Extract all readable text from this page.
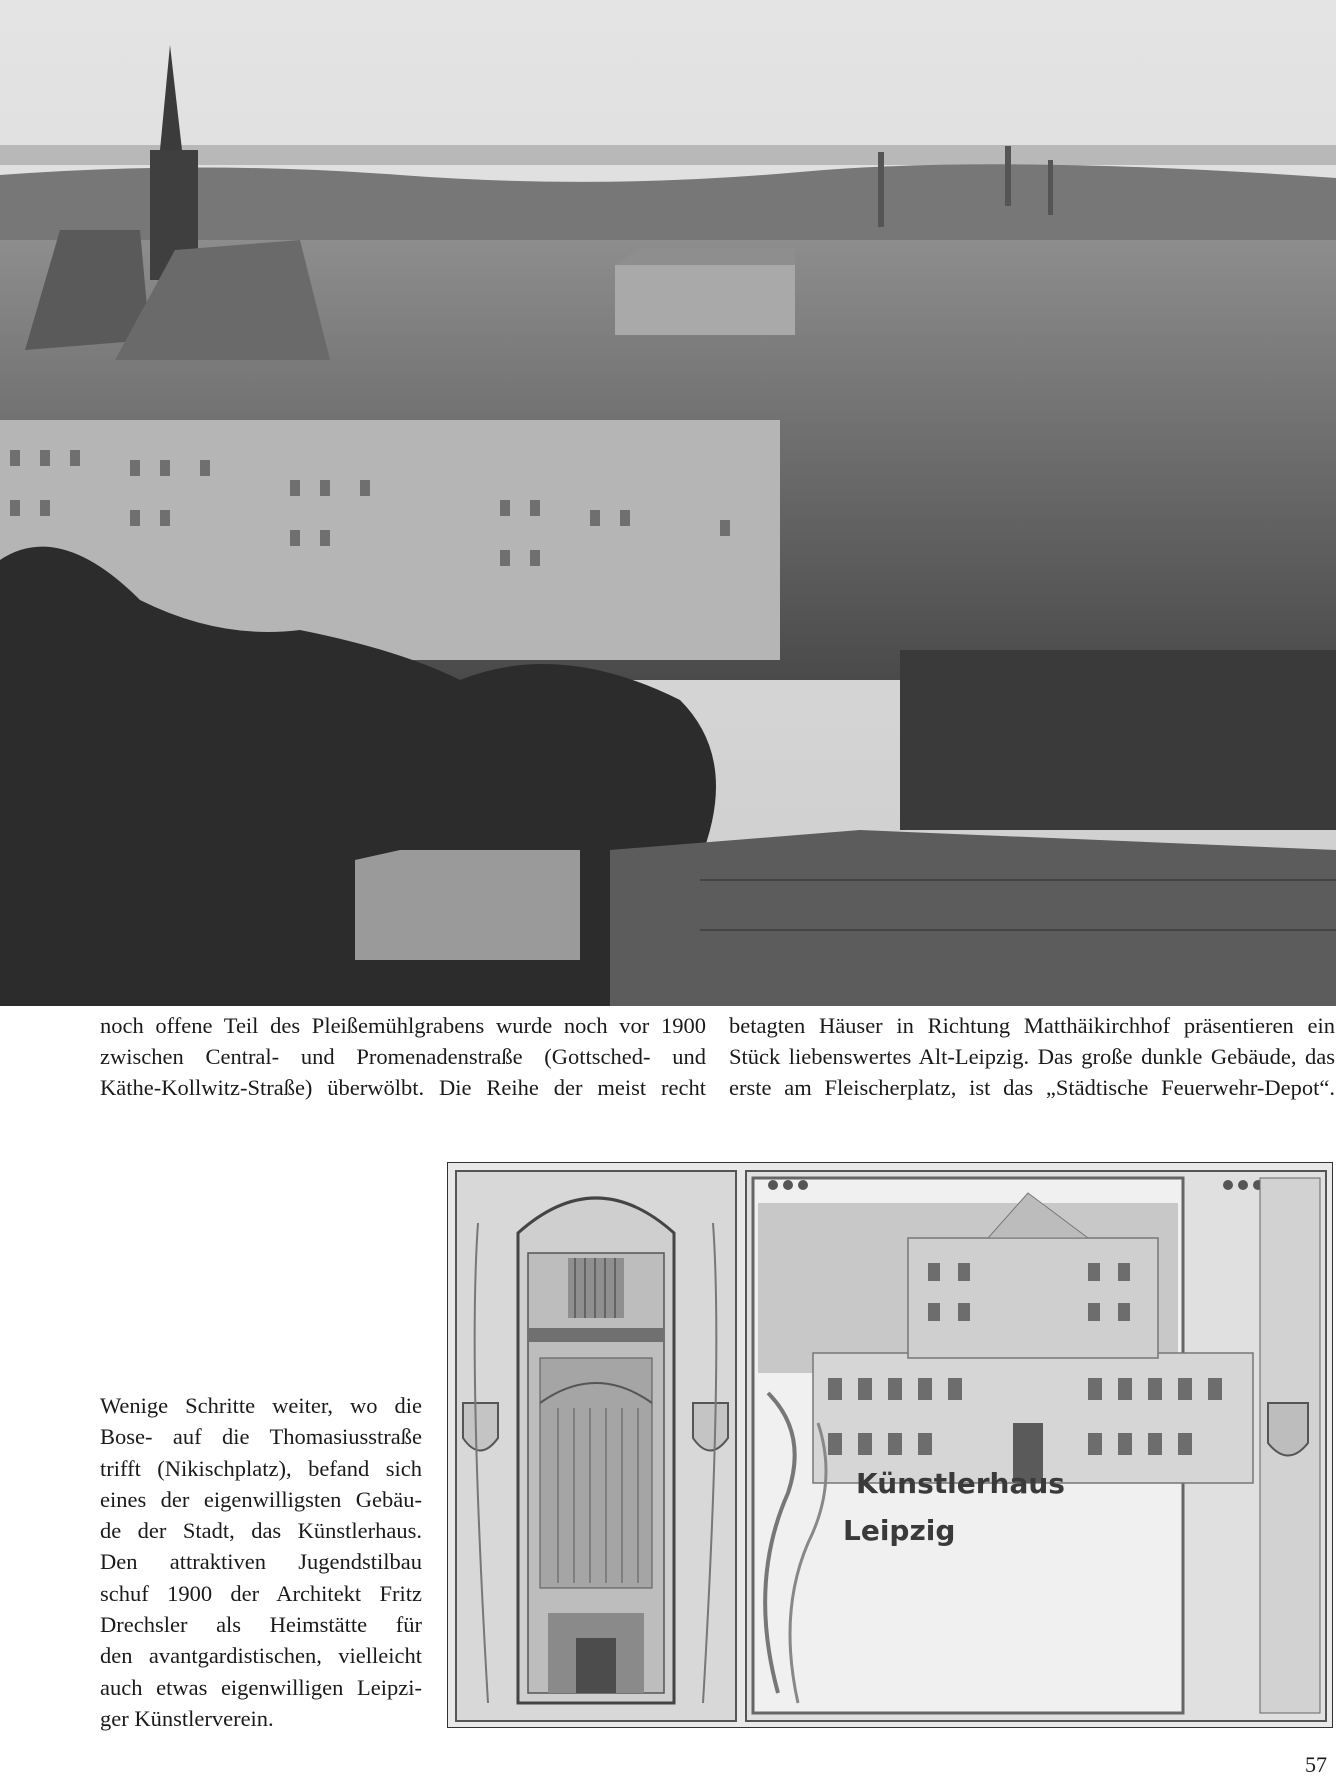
noch offene Teil des Pleißemühlgrabens wurde noch vor 1900
zwischen Central- und Promenadenstraße (Gottsched- und
Käthe-Kollwitz-Straße) überwölbt. Die Reihe der meist recht
betagten Häuser in Richtung Matthäikirchhof präsentieren ein
Stück liebenswertes Alt-Leipzig. Das große dunkle Gebäude, das
erste am Fleischerplatz, ist das „Städtische Feuerwehr-Depot“.
Wenige Schritte weiter, wo die
Bose- auf die Thomasiusstraße
trifft (Nikischplatz), befand sich
eines der eigenwilligsten Gebäu-
de der Stadt, das Künstlerhaus.
Den attraktiven Jugendstilbau
schuf 1900 der Architekt Fritz
Drechsler als Heimstätte für
den avantgardistischen, vielleicht
auch etwas eigenwilligen Leipzi-
ger Künstlerverein.
Künstlerhaus
Leipzig
57
